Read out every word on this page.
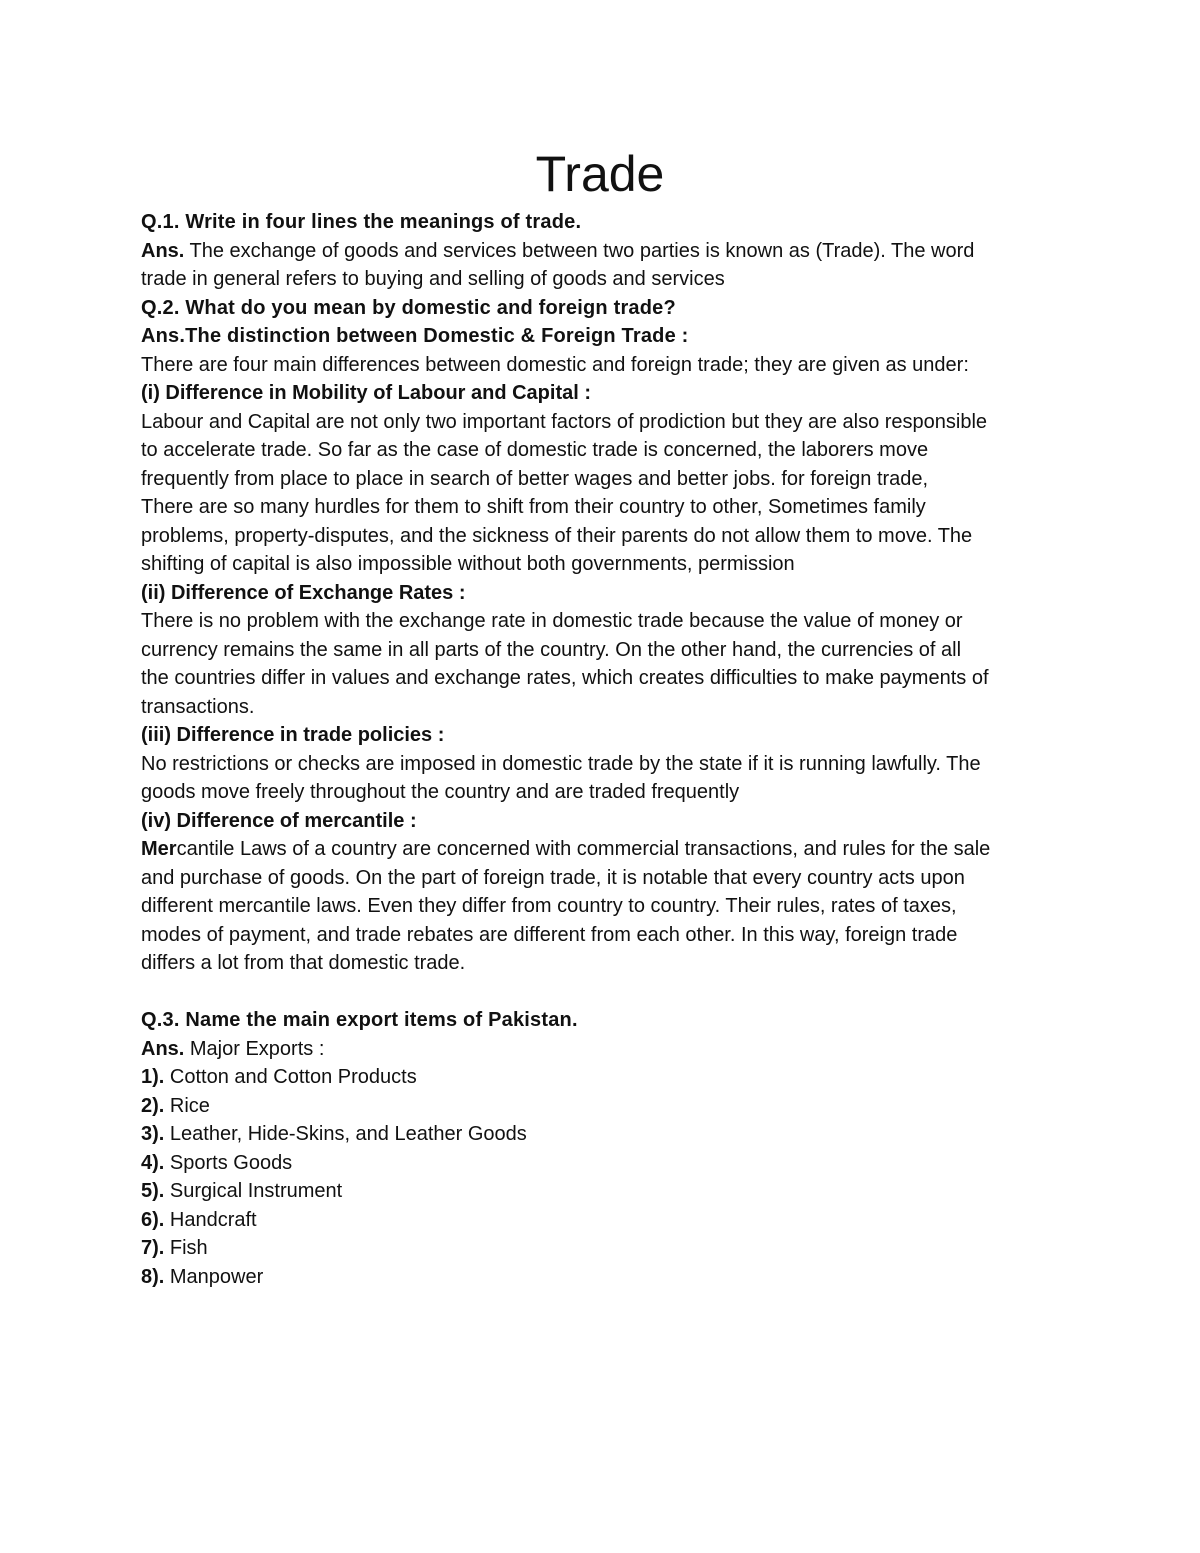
Trade

Q.1. Write in four lines the meanings of trade.

Ans. The exchange of goods and services between two parties is known as (Trade). The word

trade in general refers to buying and selling of goods and services

Q.2. What do you mean by domestic and foreign trade?

Ans.The distinction between Domestic & Foreign Trade :

There are four main differences between domestic and foreign trade; they are given as under:

(i) Difference in Mobility of Labour and Capital :

Labour and Capital are not only two important factors of prodiction but they are also responsible

to accelerate trade. So far as the case of domestic trade is concerned, the laborers move

frequently from place to place in search of better wages and better jobs. for foreign trade,

There are so many hurdles for them to shift from their country to other, Sometimes family

problems, property-disputes, and the sickness of their parents do not allow them to move. The

shifting of capital is also impossible without both governments, permission

(ii) Difference of Exchange Rates :

There is no problem with the exchange rate in domestic trade because the value of money or

currency remains the same in all parts of the country. On the other hand, the currencies of all

the countries differ in values and exchange rates, which creates difficulties to make payments of

transactions.

(iii) Difference in trade policies :

No restrictions or checks are imposed in domestic trade by the state if it is running lawfully. The

goods move freely throughout the country and are traded frequently

(iv) Difference of mercantile :

Mercantile Laws of a country are concerned with commercial transactions, and rules for the sale

and purchase of goods. On the part of foreign trade, it is notable that every country acts upon

different mercantile laws. Even they differ from country to country. Their rules, rates of taxes,

modes of payment, and trade rebates are different from each other. In this way, foreign trade

differs a lot from that domestic trade.

Q.3. Name the main export items of Pakistan.

Ans. Major Exports :

1). Cotton and Cotton Products

2). Rice

3). Leather, Hide-Skins, and Leather Goods

4). Sports Goods

5). Surgical Instrument

6). Handcraft

7). Fish

8). Manpower
